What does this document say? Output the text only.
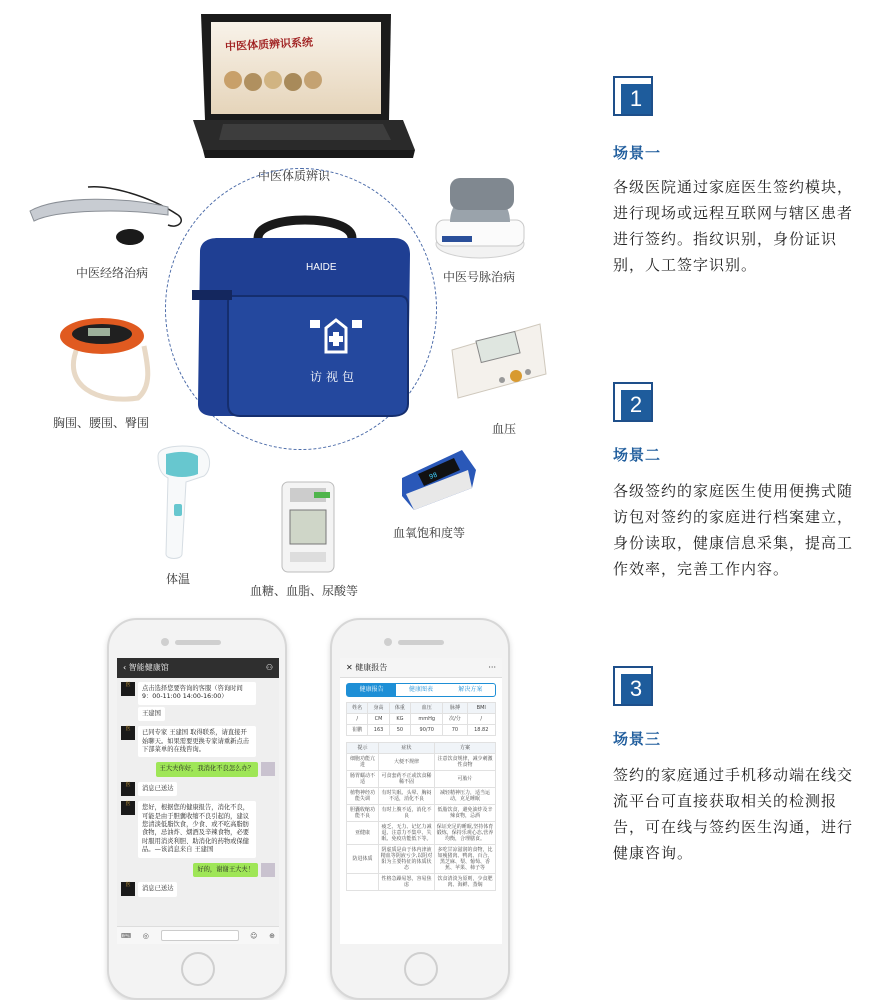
中医体质辨识系统
中医体质辨识
中医经络治病	中医号脉治病
胸围、腰围、臀围	血压
HAIDE
访视包
体温
血糖、血脂、尿酸等
98
血氧饱和度等
1
场景一
各级医院通过家庭医生签约模块，进行现场或远程互联网与辖区患者进行签约。指纹识别，身份证识别，人工签字识别。
2
场景二
各级签约的家庭医生使用便携式随访包对签约的家庭进行档案建立，身份读取，健康信息采集，提高工作效率，完善工作内容。
3
场景三
签约的家庭通过手机移动端在线交流平台可直接获取相关的检测报告，可在线与签约医生沟通，进行健康咨询。
‹ 智能健康馆	⚇
医	点击选择您要咨询的客服（咨询时间 9：00-11:00 14:00-16:00）
王建国
医	已同专家 王建国 取得联系，请直接开始聊天。如果需要更换专家请重新点击下部菜单的在线咨询。
王大夫你好，我消化不良怎么办？
医	消息已送达
医	您好，根据您的健康报告，消化不良，可能是由于胆囊收缩不良引起的，建议您清淡低脂饮食，少食、或不吃高脂肪食物，忌油炸、烟酒及辛辣食物，必要时服用消炎利胆、助消化的药物或保健品。—该消息来自 王建国
好的，谢谢王大夫！
医	消息已送达
⌨ ◎	☺ ⊕
✕ 健康报告	···
健康报告	健康图表	解决方案
姓名	身高	体重	血压	脉搏	BMI
/	CM	KG	mmHg	次/分	/
崔鹏	163	50	90/70	70	18.82
提示	症状	方案
细胞功能亢进	大便不规律	注意饮食规律，减少刺激性食物
肠胃蠕动不适	可食套药不正或饮食稀稀不固	可胎片
植物神经功能失调	有时失眠、头晕、胸闷不适，消化不良	减轻精神压力，适当运动，克足睡眠
胆囊收缩功能不良	有时上腹不适，消化不良	低脂饮食，避免油炸及辛辣食物，忌酒
亚健康	疲乏、无力、记忆力减退、注意力不集中、失眠、免疫功能低下等。	保证充足的睡眠,坚持体育锻炼，保持乐观心态,营养均衡，合理膳食。
防进体质	阴虚质是由于体内津液精血等阴液亏少,以阴对阳为主要特征的体质状态	多吃甘凉滋润的食物，比如瘦猪肉、鸭肉、百合、黑芝麻、梨、葡萄、香蕉、苹果、柿子等
	性格急躁易怒，容易焦虑	饮食清淡为原则，少食肥肉、海鲜、蒸焖
